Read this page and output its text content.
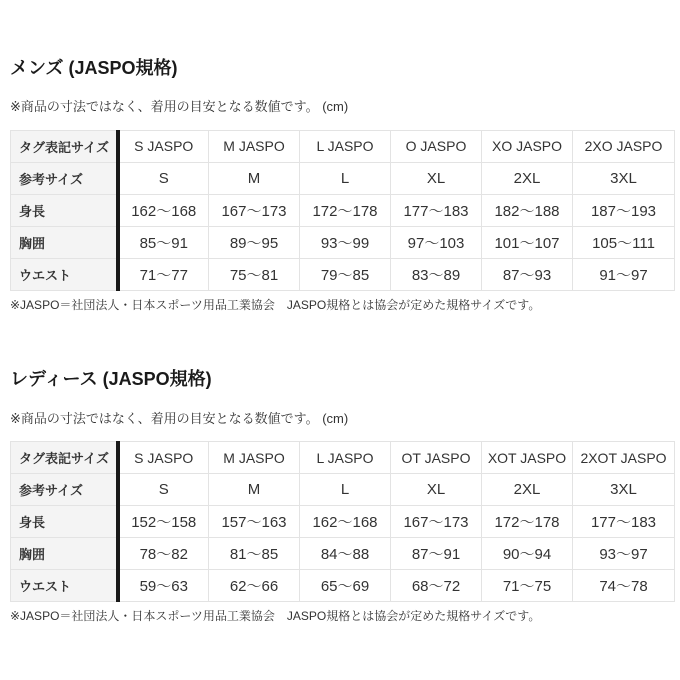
メンズ (JASPO規格)

※商品の寸法ではなく、着用の目安となる数値です。 (cm)

タグ表記サイズ	S JASPO	M JASPO	L JASPO	O JASPO	XO JASPO	2XO JASPO
参考サイズ	S	M	L	XL	2XL	3XL
身長	162～168	167～173	172～178	177～183	182～188	187～193
胸囲	85～91	89～95	93～99	97～103	101～107	105～111
ウエスト	71～77	75～81	79～85	83～89	87～93	91～97

※JASPO＝社団法人・日本スポーツ用品工業協会　JASPO規格とは協会が定めた規格サイズです。

レディース (JASPO規格)

※商品の寸法ではなく、着用の目安となる数値です。 (cm)

タグ表記サイズ	S JASPO	M JASPO	L JASPO	OT JASPO	XOT JASPO	2XOT JASPO
参考サイズ	S	M	L	XL	2XL	3XL
身長	152～158	157～163	162～168	167～173	172～178	177～183
胸囲	78～82	81～85	84～88	87～91	90～94	93～97
ウエスト	59～63	62～66	65～69	68～72	71～75	74～78

※JASPO＝社団法人・日本スポーツ用品工業協会　JASPO規格とは協会が定めた規格サイズです。
